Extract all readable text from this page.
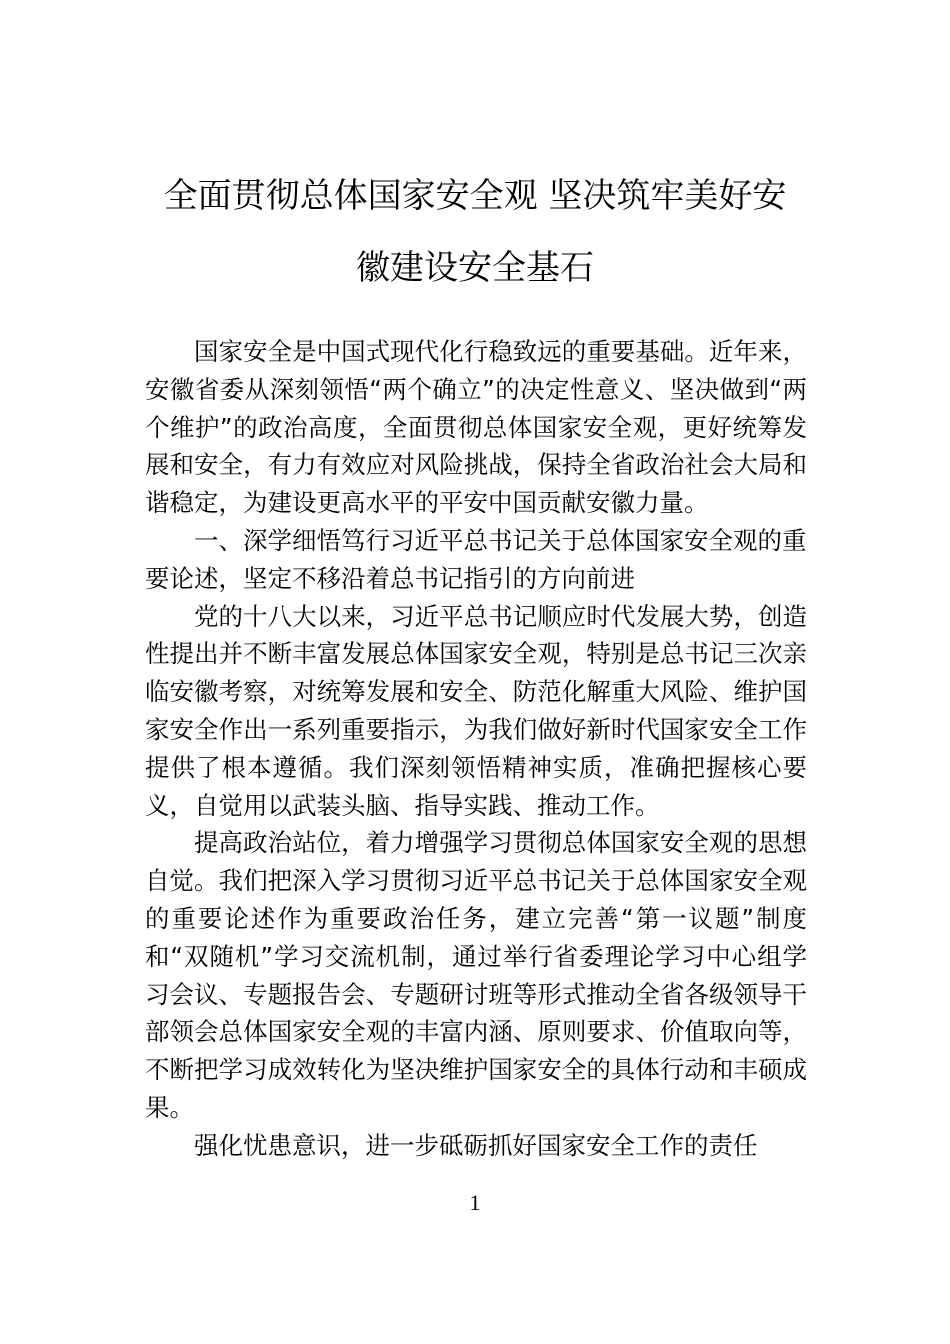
全面贯彻总体国家安全观 坚决筑牢美好安
徽建设安全基石

国家安全是中国式现代化行稳致远的重要基础。近年来，安徽省委从深刻领悟“两个确立”的决定性意义、坚决做到“两个维护”的政治高度，全面贯彻总体国家安全观，更好统筹发展和安全，有力有效应对风险挑战，保持全省政治社会大局和谐稳定，为建设更高水平的平安中国贡献安徽力量。

一、深学细悟笃行习近平总书记关于总体国家安全观的重要论述，坚定不移沿着总书记指引的方向前进

党的十八大以来，习近平总书记顺应时代发展大势，创造性提出并不断丰富发展总体国家安全观，特别是总书记三次亲临安徽考察，对统筹发展和安全、防范化解重大风险、维护国家安全作出一系列重要指示，为我们做好新时代国家安全工作提供了根本遵循。我们深刻领悟精神实质，准确把握核心要义，自觉用以武装头脑、指导实践、推动工作。

提高政治站位，着力增强学习贯彻总体国家安全观的思想自觉。我们把深入学习贯彻习近平总书记关于总体国家安全观的重要论述作为重要政治任务，建立完善“第一议题”制度和“双随机”学习交流机制，通过举行省委理论学习中心组学习会议、专题报告会、专题研讨班等形式推动全省各级领导干部领会总体国家安全观的丰富内涵、原则要求、价值取向等，不断把学习成效转化为坚决维护国家安全的具体行动和丰硕成果。

强化忧患意识，进一步砥砺抓好国家安全工作的责任

1
